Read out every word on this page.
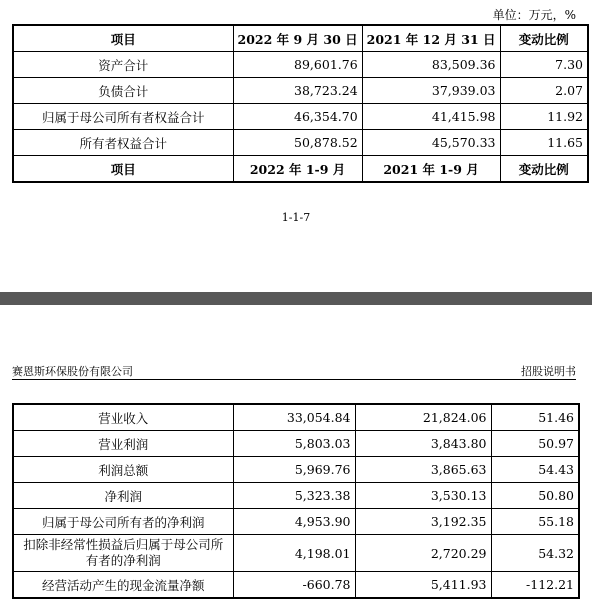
单位：万元，%
项目	2022 年 9 月 30 日	2021 年 12 月 31 日	变动比例
资产合计	89,601.76	83,509.36	7.30
负债合计	38,723.24	37,939.03	2.07
归属于母公司所有者权益合计	46,354.70	41,415.98	11.92
所有者权益合计	50,878.52	45,570.33	11.65
项目	2022 年 1-9 月	2021 年 1-9 月	变动比例
1-1-7
赛恩斯环保股份有限公司	招股说明书
营业收入	33,054.84	21,824.06	51.46
营业利润	5,803.03	3,843.80	50.97
利润总额	5,969.76	3,865.63	54.43
净利润	5,323.38	3,530.13	50.80
归属于母公司所有者的净利润	4,953.90	3,192.35	55.18
扣除非经常性损益后归属于母公司所有者的净利润	4,198.01	2,720.29	54.32
经营活动产生的现金流量净额	-660.78	5,411.93	-112.21
